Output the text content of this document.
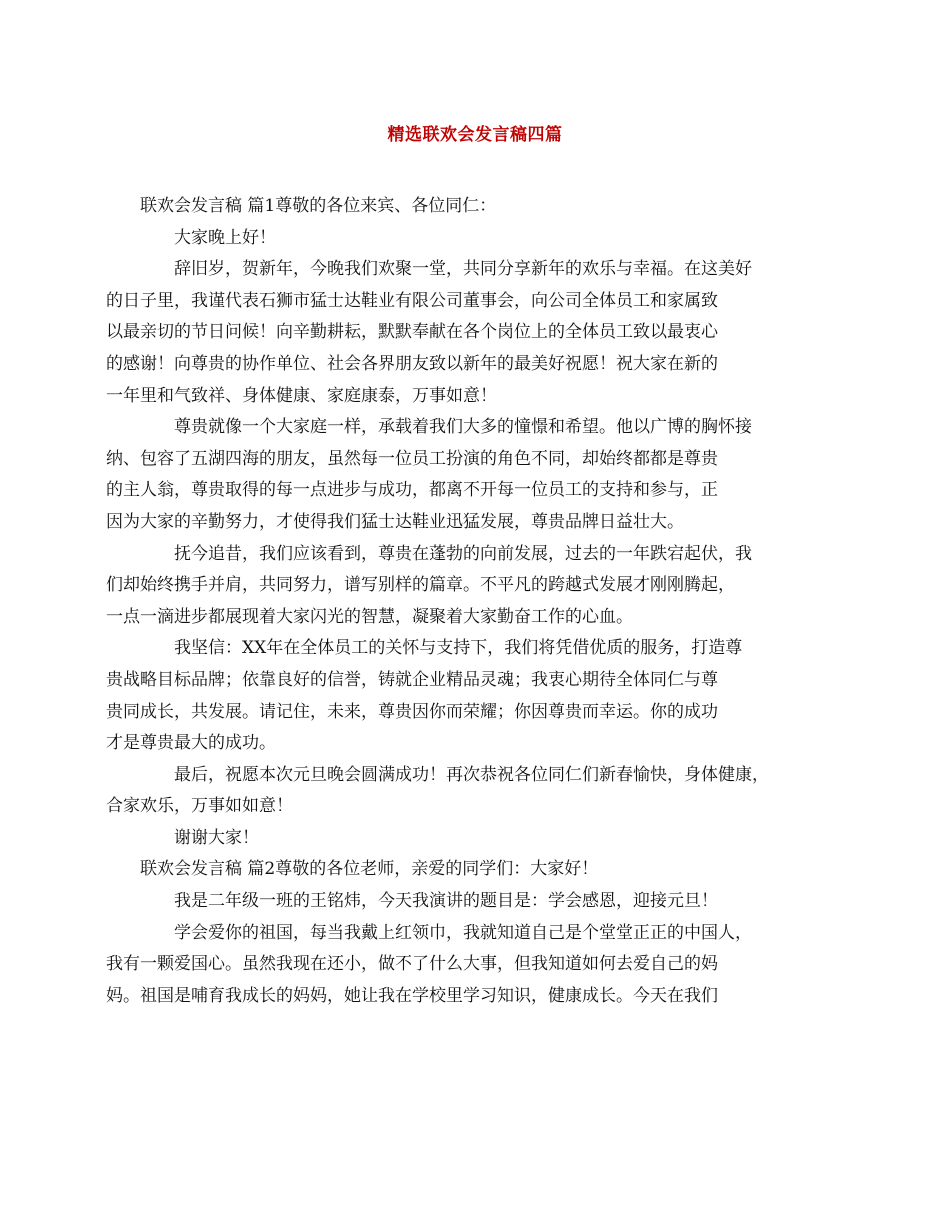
精选联欢会发言稿四篇
联欢会发言稿 篇1尊敬的各位来宾、各位同仁：
大家晚上好！
辞旧岁，贺新年，今晚我们欢聚一堂，共同分享新年的欢乐与幸福。在这美好
的日子里，我谨代表石狮市猛士达鞋业有限公司董事会，向公司全体员工和家属致
以最亲切的节日问候！向辛勤耕耘，默默奉献在各个岗位上的全体员工致以最衷心
的感谢！向尊贵的协作单位、社会各界朋友致以新年的最美好祝愿！祝大家在新的
一年里和气致祥、身体健康、家庭康泰，万事如意！
尊贵就像一个大家庭一样，承载着我们大多的憧憬和希望。他以广博的胸怀接
纳、包容了五湖四海的朋友，虽然每一位员工扮演的角色不同，却始终都都是尊贵
的主人翁，尊贵取得的每一点进步与成功，都离不开每一位员工的支持和参与，正
因为大家的辛勤努力，才使得我们猛士达鞋业迅猛发展，尊贵品牌日益壮大。
抚今追昔，我们应该看到，尊贵在蓬勃的向前发展，过去的一年跌宕起伏，我
们却始终携手并肩，共同努力，谱写别样的篇章。不平凡的跨越式发展才刚刚腾起，
一点一滴进步都展现着大家闪光的智慧，凝聚着大家勤奋工作的心血。
我坚信：XX年在全体员工的关怀与支持下，我们将凭借优质的服务，打造尊
贵战略目标品牌；依靠良好的信誉，铸就企业精品灵魂；我衷心期待全体同仁与尊
贵同成长，共发展。请记住，未来，尊贵因你而荣耀；你因尊贵而幸运。你的成功
才是尊贵最大的成功。
最后，祝愿本次元旦晚会圆满成功！再次恭祝各位同仁们新春愉快，身体健康，
合家欢乐，万事如如意！
谢谢大家！
联欢会发言稿 篇2尊敬的各位老师，亲爱的同学们：大家好！
我是二年级一班的王铭炜，今天我演讲的题目是：学会感恩，迎接元旦！
学会爱你的祖国，每当我戴上红领巾，我就知道自己是个堂堂正正的中国人，
我有一颗爱国心。虽然我现在还小，做不了什么大事，但我知道如何去爱自己的妈
妈。祖国是哺育我成长的妈妈，她让我在学校里学习知识，健康成长。今天在我们
